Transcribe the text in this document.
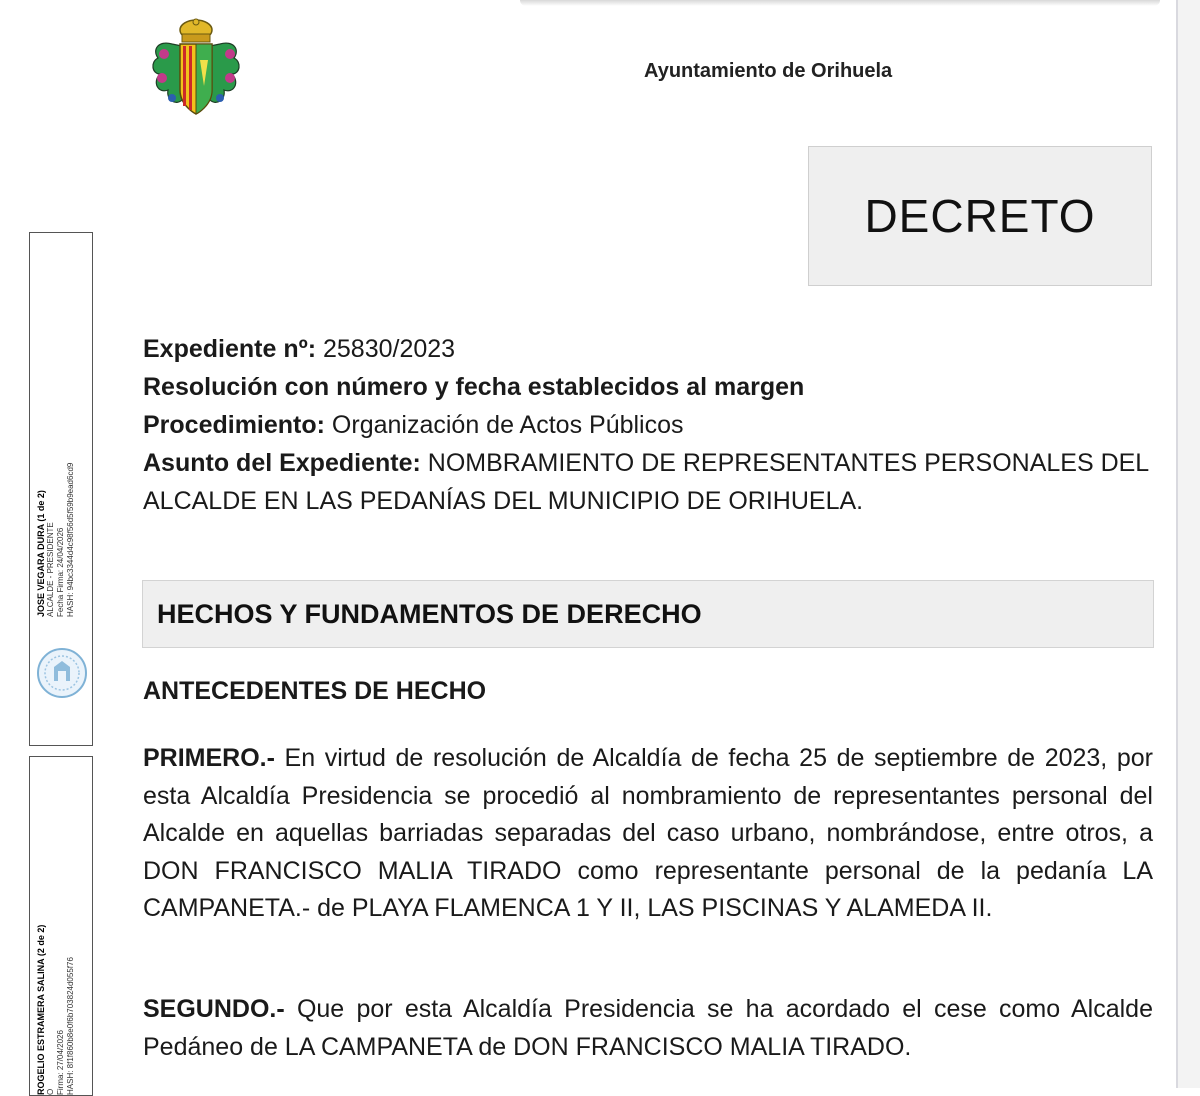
Ayuntamiento de Orihuela
DECRETO
JOSE VEGARA DURA (1 de 2) ALCALDE - PRESIDENTE Fecha Firma: 24/04/2026 HASH: 94bc3344d4c98f56d5f59b9ead6cd9
ROGELIO ESTRAMERA SALINA (2 de 2) O Firma: 27/04/2026 HASH: 8f1f860b8e0f6b703824d055f76
Expediente nº: 25830/2023
Resolución con número y fecha establecidos al margen
Procedimiento: Organización de Actos Públicos
Asunto del Expediente: NOMBRAMIENTO DE REPRESENTANTES PERSONALES DEL ALCALDE EN LAS PEDANÍAS DEL MUNICIPIO DE ORIHUELA.
HECHOS Y FUNDAMENTOS DE DERECHO
ANTECEDENTES DE HECHO
PRIMERO.- En virtud de resolución de Alcaldía de fecha 25 de septiembre de 2023, por esta Alcaldía Presidencia se procedió al nombramiento de representantes personal del Alcalde en aquellas barriadas separadas del caso urbano, nombrándose, entre otros, a DON FRANCISCO MALIA TIRADO como representante personal de la pedanía LA CAMPANETA.- de PLAYA FLAMENCA 1 Y II, LAS PISCINAS Y ALAMEDA II.
SEGUNDO.- Que por esta Alcaldía Presidencia se ha acordado el cese como Alcalde Pedáneo de LA CAMPANETA de DON FRANCISCO MALIA TIRADO.
